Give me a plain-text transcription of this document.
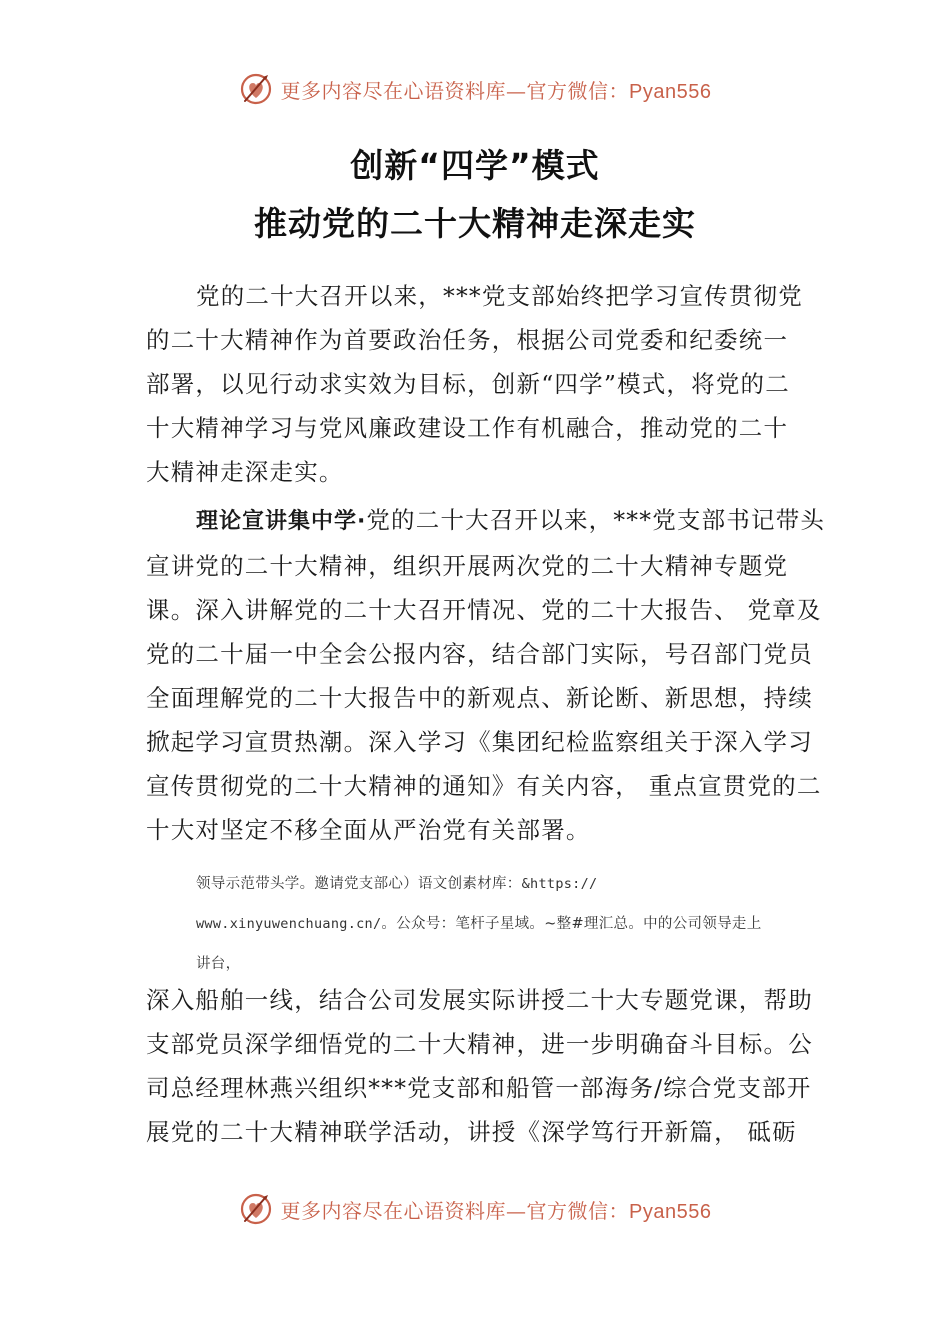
更多内容尽在心语资料库—官方微信：Pyan556
创新“四学”模式
推动党的二十大精神走深走实

党的二十大召开以来，***党支部始终把学习宣传贯彻党的二十大精神作为首要政治任务，根据公司党委和纪委统一部署，以见行动求实效为目标，创新“四学”模式，将党的二十大精神学习与党风廉政建设工作有机融合，推动党的二十大精神走深走实。

理论宣讲集中学·党的二十大召开以来，***党支部书记带头宣讲党的二十大精神，组织开展两次党的二十大精神专题党课。深入讲解党的二十大召开情况、党的二十大报告、 党章及党的二十届一中全会公报内容，结合部门实际，号召部门党员全面理解党的二十大报告中的新观点、新论断、新思想，持续掀起学习宣贯热潮。深入学习《集团纪检监察组关于深入学习宣传贯彻党的二十大精神的通知》有关内容， 重点宣贯党的二十大对坚定不移全面从严治党有关部署。

领导示范带头学。邀请党支部心）语文创素材库：&https://
www.xinyuwenchuang.cn/。公众号：笔杆子星域。~整#理汇总。中的公司领导走上
讲台，

深入船舶一线，结合公司发展实际讲授二十大专题党课，帮助支部党员深学细悟党的二十大精神，进一步明确奋斗目标。公司总经理林燕兴组织***党支部和船管一部海务/综合党支部开展党的二十大精神联学活动，讲授《深学笃行开新篇， 砥砺

更多内容尽在心语资料库—官方微信：Pyan556
